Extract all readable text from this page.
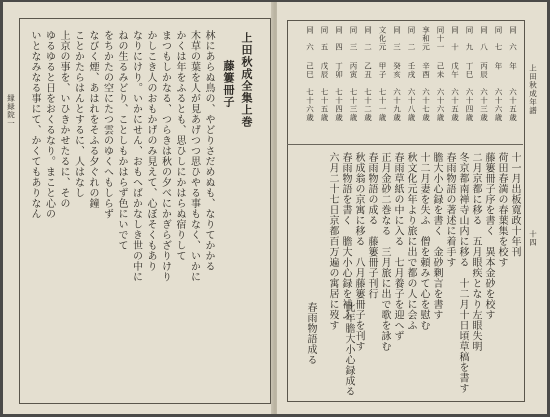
縁緑院一	上田秋成全集上巻
藤簍冊子
林にあらぬ鳥の、やどりさだめぬも、なりてかかる
木草の葉を人が見あげつつ思ひやる事もなく、いかに
かくは年をふるとも、思ひしにかはらぬ宿りして
まつもしかなる、つらきは秋の夕べにかぎらざりけり
かしこき人のおもかげのみ見えて、心ぼそくもあり
なりにけり。いかにせん、おもへばかなしき世の中に
ねの生るみどり、ことしもかはらず色にいでて
をちかたの空にたつ雲のゆくへもしらず
なびく煙、あはれをそふる夕ぐれの鐘
ことかたらはんとするに、人はなし
上京の事を、いひきかせたるに、その
ゆるゆると日をおくるなり。まこと心の
いとなみなる事にて、かくてもありなん	上田秋成年譜
十四
同　六
年
六十五歳
同　七
年
六十六歳
同　八
丙辰
六十三歳
同　九
丁巳
六十四歳
同　十
戊午
六十五歳
同十一
己未
六十六歳
享和元
辛酉
六十七歳
同　二
壬戌
六十八歳
同　三
癸亥
六十九歳
文化元
甲子
七十一歳
同　二
乙丑
七十二歳
同　三
丙寅
七十三歳
同　四
丁卯
七十四歳
同　五
戊辰
七十五歳
同　六
己巳
七十六歳
十一月出板寛政十年刊
荷田春満の春葉集を校す
藤簍冊子序を書く　異本金砂を校す
二月京都に移る　五月眼疾となり左眼失明
冬京都南禅寺山内に移る　十二月十日頃草稿を書す
春雨物語の著述に着手す
膽大小心録を書く　金砂剰言を書す
十二月妻を失ふ　僧を頼みて心を慰む
秋文化元年より旅に出で都の人に会ふ
春雨草紙の中に入る　七月養子を迎へず
正月金砂二巻なる　三月旅に出で歌を詠む
春雨物語の成る　藤簍冊子刊行
秋成翁の京寓に移る　八月藤簍冊子を刊す
春雨物語を書く　膽大小心録を補ふ
六月二十七日京都百万遍の寓居に歿す
此年膽大小心録成る
春雨物語成る
